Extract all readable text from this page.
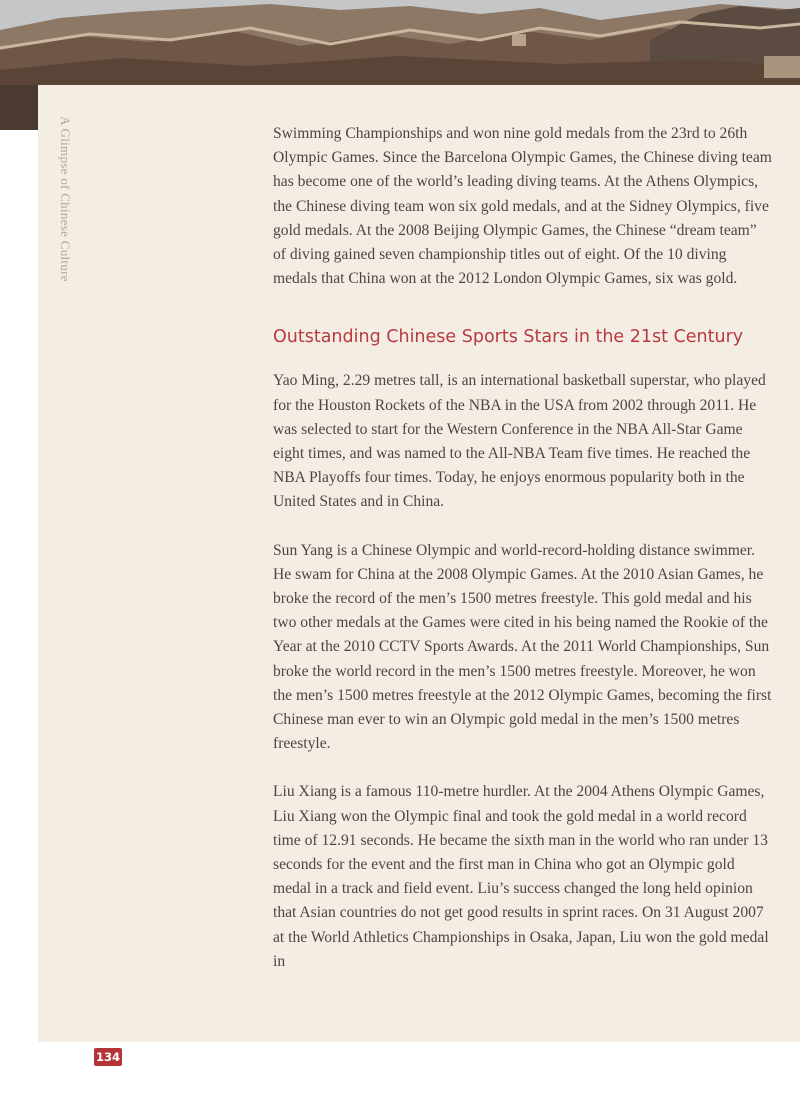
A Glimpse of Chinese Culture	Swimming Championships and won nine gold medals from the 23rd to 26th Olympic Games. Since the Barcelona Olympic Games, the Chinese diving team has become one of the world’s leading diving teams. At the Athens Olympics, the Chinese diving team won six gold medals, and at the Sidney Olympics, five gold medals. At the 2008 Beijing Olympic Games, the Chinese “dream team” of diving gained seven championship titles out of eight. Of the 10 diving medals that China won at the 2012 London Olympic Games, six was gold.

Outstanding Chinese Sports Stars in the 21st Century

Yao Ming, 2.29 metres tall, is an international basketball superstar, who played for the Houston Rockets of the NBA in the USA from 2002 through 2011. He was selected to start for the Western Conference in the NBA All-Star Game eight times, and was named to the All-NBA Team five times. He reached the NBA Playoffs four times. Today, he enjoys enormous popularity both in the United States and in China.

Sun Yang is a Chinese Olympic and world-record-holding distance swimmer. He swam for China at the 2008 Olympic Games. At the 2010 Asian Games, he broke the record of the men’s 1500 metres freestyle. This gold medal and his two other medals at the Games were cited in his being named the Rookie of the Year at the 2010 CCTV Sports Awards. At the 2011 World Championships, Sun broke the world record in the men’s 1500 metres freestyle. Moreover, he won the men’s 1500 metres freestyle at the 2012 Olympic Games, becoming the first Chinese man ever to win an Olympic gold medal in the men’s 1500 metres freestyle.

Liu Xiang is a famous 110-metre hurdler. At the 2004 Athens Olympic Games, Liu Xiang won the Olympic final and took the gold medal in a world record time of 12.91 seconds. He became the sixth man in the world who ran under 13 seconds for the event and the first man in China who got an Olympic gold medal in a track and field event. Liu’s success changed the long held opinion that Asian countries do not get good results in sprint races. On 31 August 2007 at the World Athletics Championships in Osaka, Japan, Liu won the gold medal in

134
